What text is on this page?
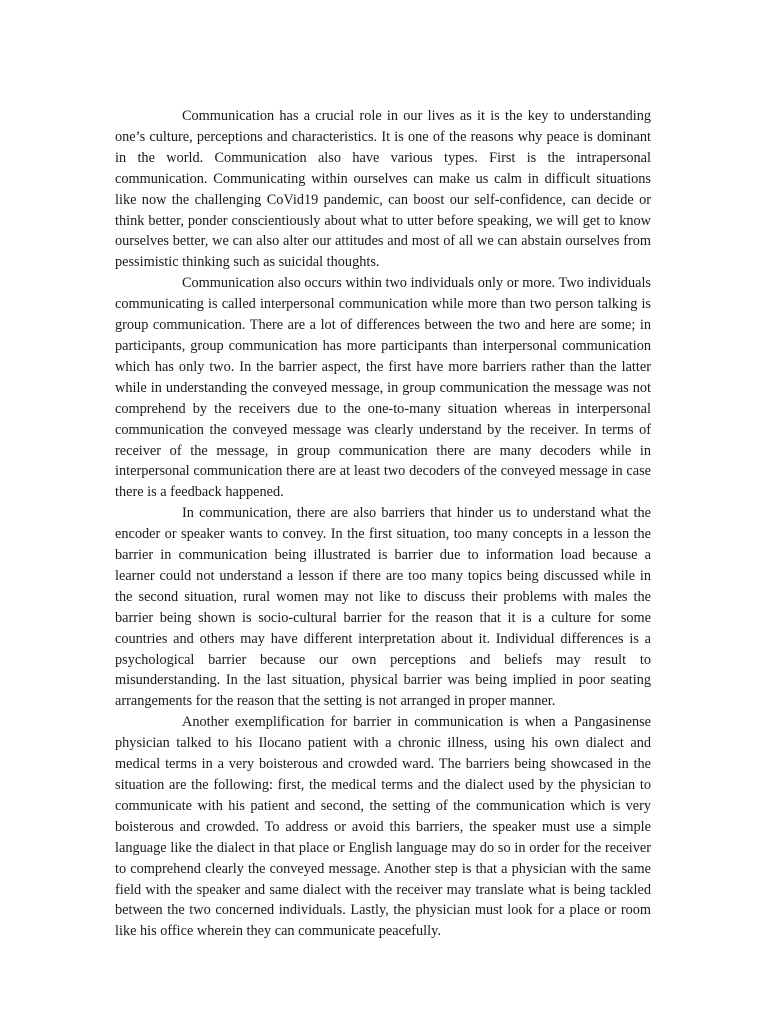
Communication has a crucial role in our lives as it is the key to understanding one’s culture, perceptions and characteristics. It is one of the reasons why peace is dominant in the world. Communication also have various types. First is the intrapersonal communication. Communicating within ourselves can make us calm in difficult situations like now the challenging CoVid19 pandemic, can boost our self-confidence, can decide or think better, ponder conscientiously about what to utter before speaking, we will get to know ourselves better, we can also alter our attitudes and most of all we can abstain ourselves from pessimistic thinking such as suicidal thoughts.

Communication also occurs within two individuals only or more. Two individuals communicating is called interpersonal communication while more than two person talking is group communication. There are a lot of differences between the two and here are some; in participants, group communication has more participants than interpersonal communication which has only two. In the barrier aspect, the first have more barriers rather than the latter while in understanding the conveyed message, in group communication the message was not comprehend by the receivers due to the one-to-many situation whereas in interpersonal communication the conveyed message was clearly understand by the receiver. In terms of receiver of the message, in group communication there are many decoders while in interpersonal communication there are at least two decoders of the conveyed message in case there is a feedback happened.

In communication, there are also barriers that hinder us to understand what the encoder or speaker wants to convey. In the first situation, too many concepts in a lesson the barrier in communication being illustrated is barrier due to information load because a learner could not understand a lesson if there are too many topics being discussed while in the second situation, rural women may not like to discuss their problems with males the barrier being shown is socio-cultural barrier for the reason that it is a culture for some countries and others may have different interpretation about it. Individual differences is a psychological barrier because our own perceptions and beliefs may result to misunderstanding. In the last situation, physical barrier was being implied in poor seating arrangements for the reason that the setting is not arranged in proper manner.

Another exemplification for barrier in communication is when a Pangasinense physician talked to his Ilocano patient with a chronic illness, using his own dialect and medical terms in a very boisterous and crowded ward. The barriers being showcased in the situation are the following: first, the medical terms and the dialect used by the physician to communicate with his patient and second, the setting of the communication which is very boisterous and crowded. To address or avoid this barriers, the speaker must use a simple language like the dialect in that place or English language may do so in order for the receiver to comprehend clearly the conveyed message. Another step is that a physician with the same field with the speaker and same dialect with the receiver may translate what is being tackled between the two concerned individuals. Lastly, the physician must look for a place or room like his office wherein they can communicate peacefully.
